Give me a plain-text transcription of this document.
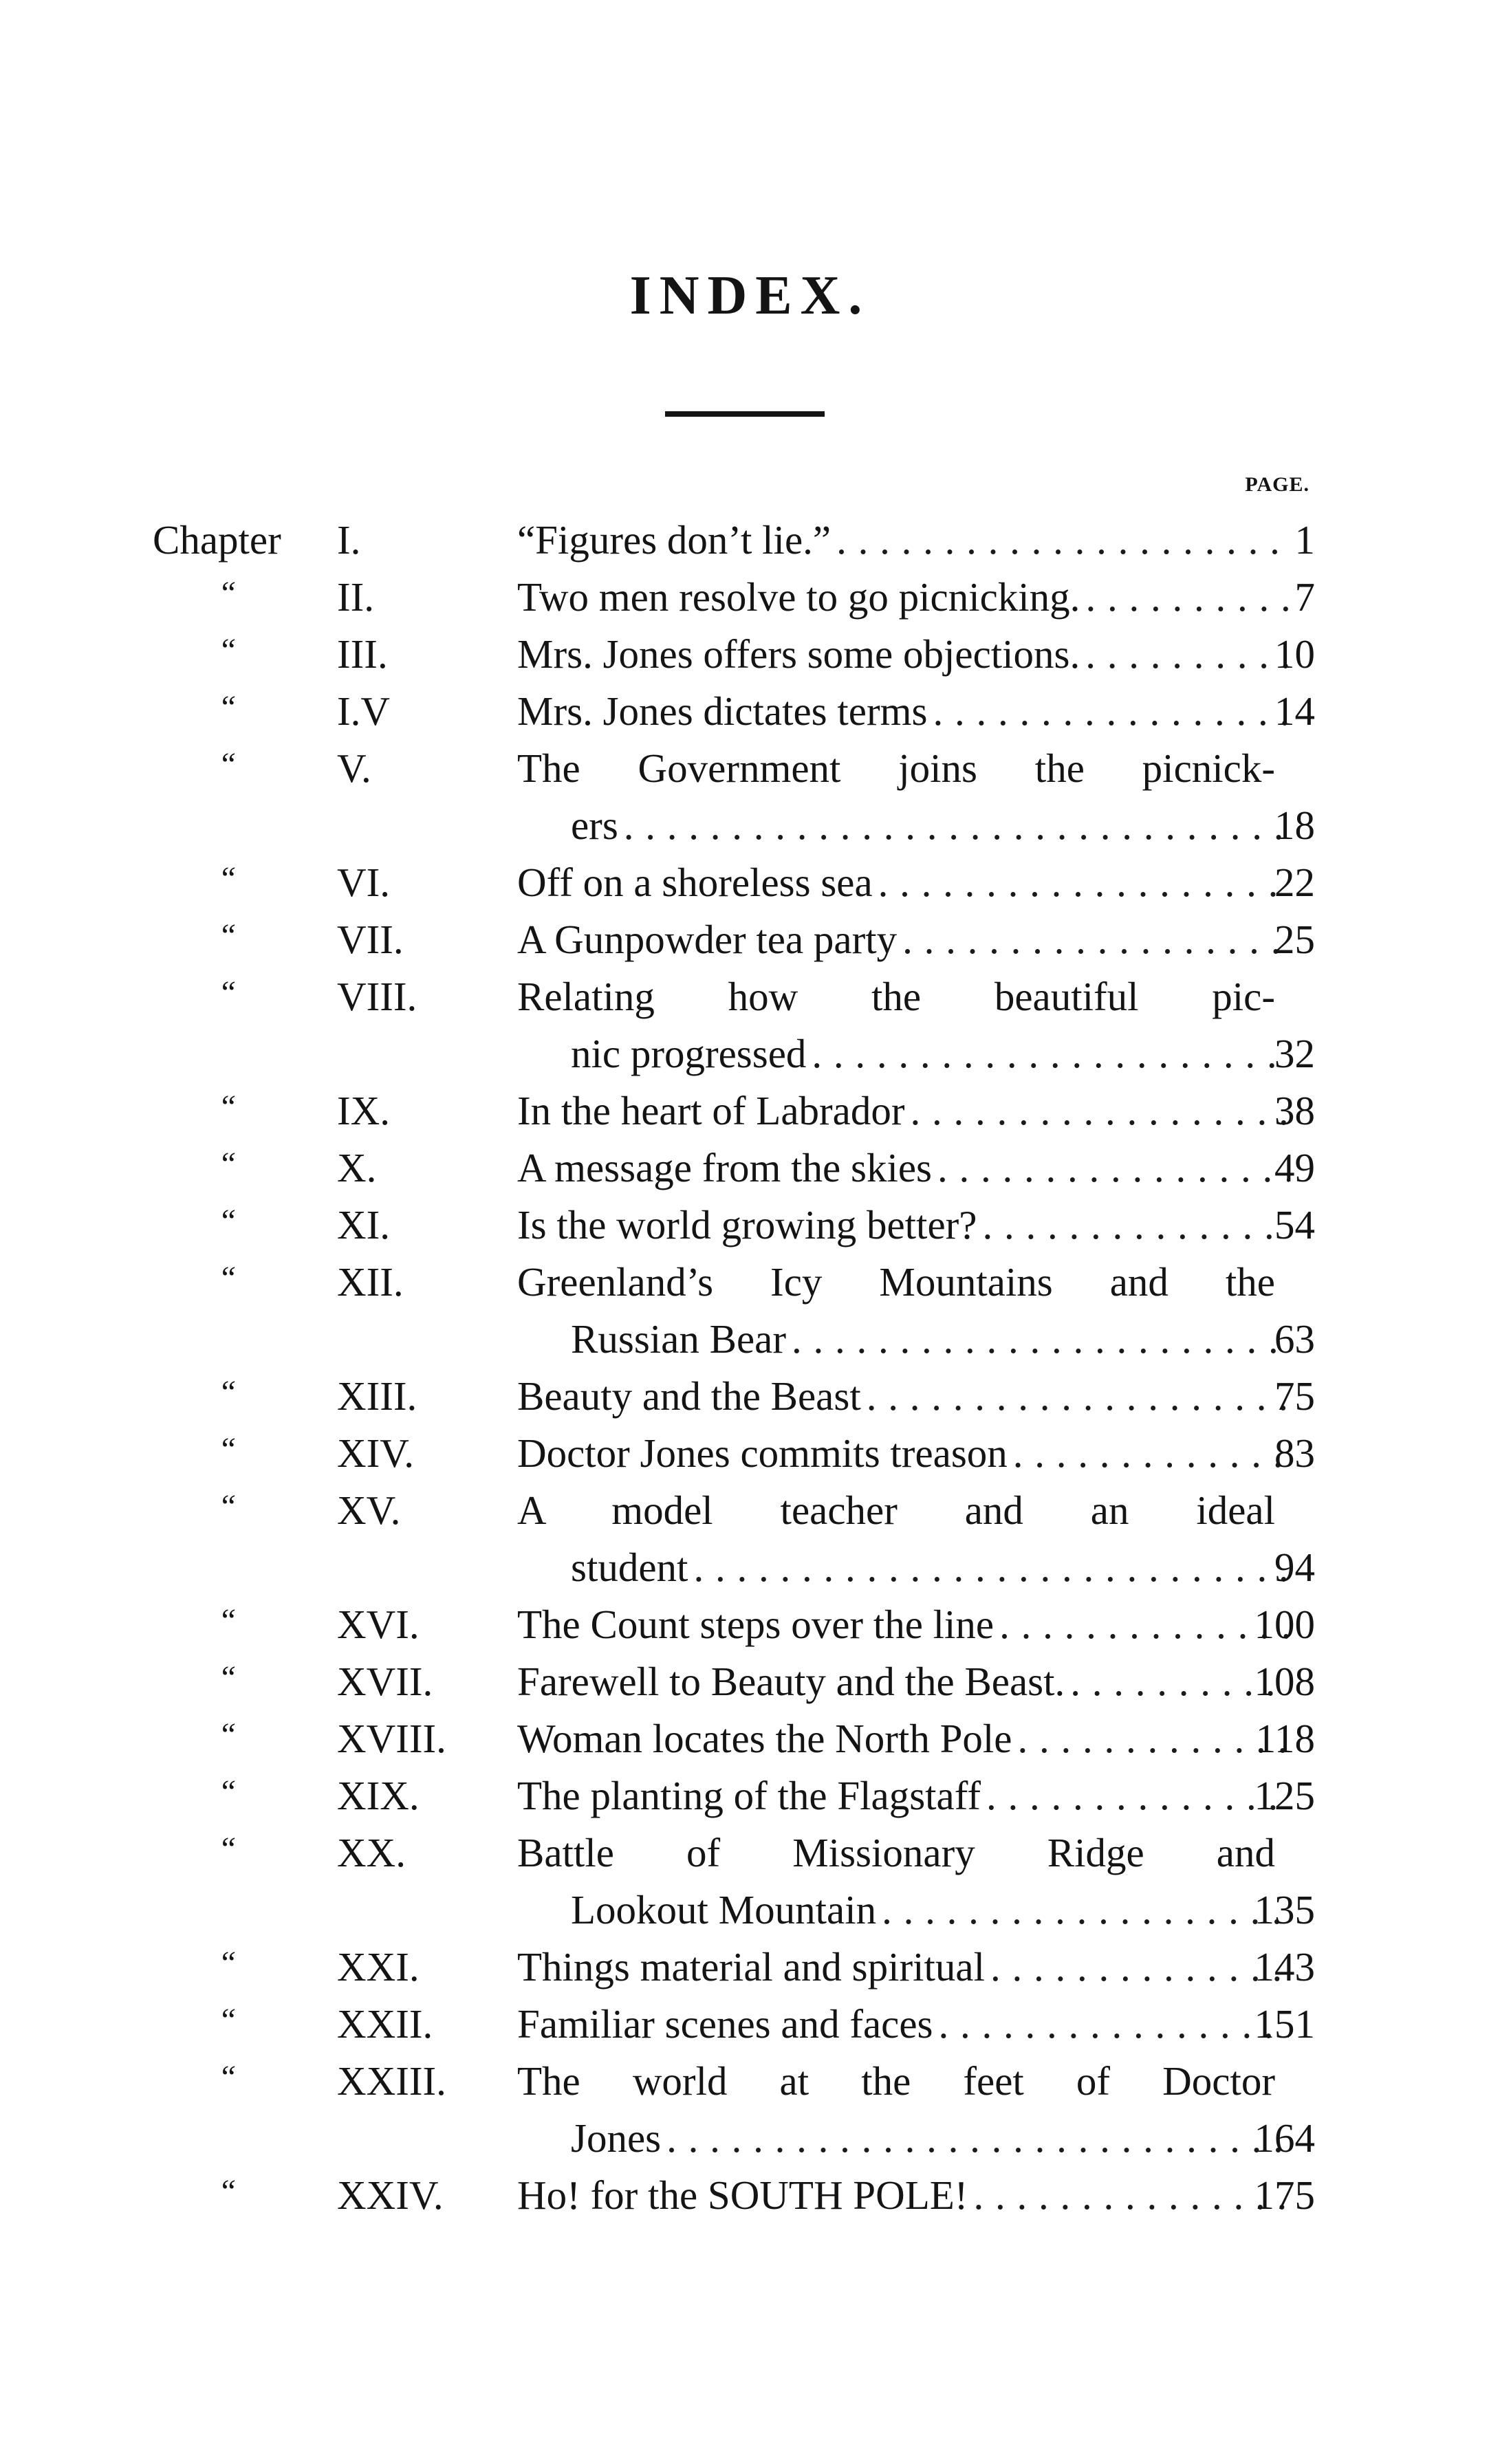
INDEX.
PAGE.
Chapter I.	“Figures don’t lie.” . . .	1
“ II.	Two men resolve to go picnicking. . . .	7
“ III.	Mrs. Jones offers some objections. . . .	10
“ I.V	Mrs. Jones dictates terms . . .	14
“ V.	The Government joins the picnick-
ers . . .	18
“ VI.	Off on a shoreless sea . . .	22
“ VII.	A Gunpowder tea party . . .	25
“ VIII. Relating how the beautiful pic-
nic progressed . . .	32
“ IX.	In the heart of Labrador . . .	38
“ X.	A message from the skies . . .	49
“ XI.	Is the world growing better? . . .	54
“ XII.	Greenland’s Icy Mountains and the
Russian Bear . . .	63
“ XIII. Beauty and the Beast . . .	75
“ XIV.	Doctor Jones commits treason . . .	83
“ XV.	A model teacher and an ideal
student . . .	94
“ XVI. The Count steps over the line . . .	100
“ XVII. Farewell to Beauty and the Beast. . . .	108
“ XVIII. Woman locates the North Pole . . .	118
“ XIX. The planting of the Flagstaff . . .	125
“ XX.	Battle of Missionary Ridge and
Lookout Mountain . . .	135
“ XXI. Things material and spiritual . . .	143
“ XXII. Familiar scenes and faces . . .	151
“ XXIII. The world at the feet of Doctor
Jones . . .	164
“ XXIV. Ho! for the SOUTH POLE! . . .	175
